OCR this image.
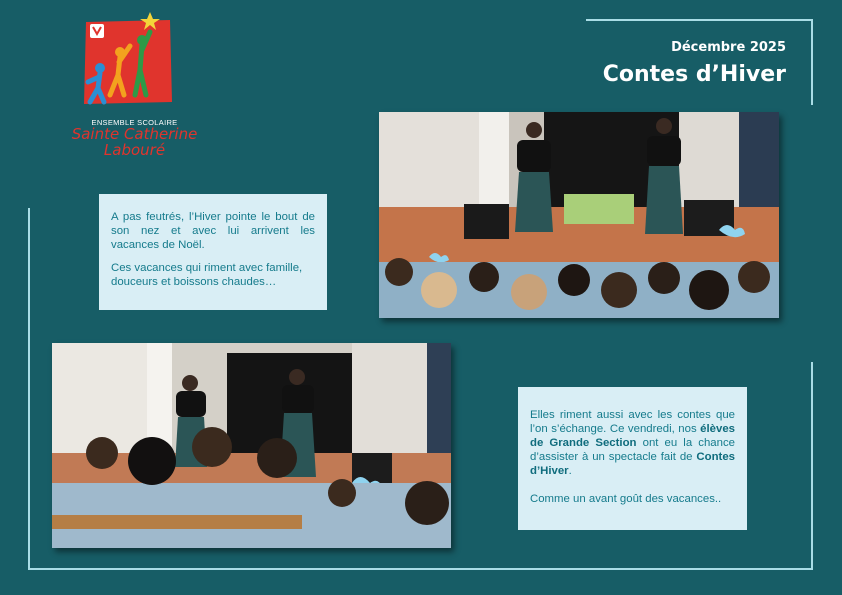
ENSEMBLE SCOLAIRE
Sainte Catherine
Labouré
Décembre 2025
Contes d’Hiver

A pas feutrés, l’Hiver pointe le bout de son nez et avec lui arrivent les vacances de Noël.

Ces vacances qui riment avec famille, douceurs et boissons chaudes…

Elles riment aussi avec les contes que l’on s’échange. Ce vendredi, nos élèves de Grande Section ont eu la chance d’assister à un spectacle fait de Contes d’Hiver.

Comme un avant goût des vacances..
